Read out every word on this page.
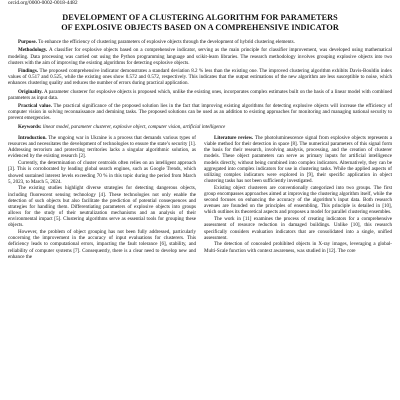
orcid.org/0000-0002-0018-4482
DEVELOPMENT OF A CLUSTERING ALGORITHM FOR PARAMETERS
OF EXPLOSIVE OBJECTS BASED ON A COMPREHENSIVE INDICATOR

Purpose. To enhance the efficiency of clustering parameters of explosive objects through the development of hybrid clustering elements.

Methodology. A classifier for explosive objects based on a comprehensive indicator, serving as the main principle for classifier improvement, was developed using mathematical modeling. Data processing was carried out using the Python programming language and scikit-learn libraries. The research methodology involves grouping explosive objects into two clusters with the aim of improving the existing algorithms for detecting explosive objects.

Findings. The proposed comprehensive indicator demonstrates a standard deviation 8.2 % less than the existing one. The improved clustering algorithm exhibits Davis-Bouldin index values of 0.517 and 0.525, while the existing ones show 0.572 and 0.572, respectively. This indicates that the output estimations of the new algorithm are less susceptible to noise, which enhances clustering quality and reduces the number of errors during practical application.

Originality. A parameter clusterer for explosive objects is proposed which, unlike the existing ones, incorporates complex estimates built on the basis of a linear model with combined parameters as input data.

Practical value. The practical significance of the proposed solution lies in the fact that improving existing algorithms for detecting explosive objects will increase the efficiency of computer vision in solving reconnaissance and demining tasks. The proposed solutions can be used as an addition to existing approaches for monitoring and managing national security to prevent emergencies.

Keywords: linear model, parameter clusterer, explosive object, computer vision, artificial intelligence

Introduction. The ongoing war in Ukraine is a process that demands various types of resources and necessitates the development of technologies to ensure the state’s security [1]. Addressing terrorism and protecting territories lacks a singular algorithmic solution, as evidenced by the existing research [2].

Currently, the determination of cluster centroids often relies on an intelligent approach [3]. This is corroborated by leading global search engines, such as Google Trends, which showed sustained interest levels exceeding 70 % in this topic during the period from March 5, 2023, to March 5, 2024.

The existing studies highlight diverse strategies for detecting dangerous objects, including fluorescent sensing technology [4]. These technologies not only enable the detection of such objects but also facilitate the prediction of potential consequences and strategies for handling them. Differentiating parameters of explosive objects into groups allows for the study of their neutralization mechanisms and an analysis of their environmental impact [5]. Clustering algorithms serve as essential tools for grouping these objects.

However, the problem of object grouping has not been fully addressed, particularly concerning the improvement in the accuracy of input evaluations for clusterers. This deficiency leads to computational errors, impacting the fault tolerance [6], stability, and reliability of computer systems [7]. Consequently, there is a clear need to develop new and enhance the

Literature review. The photoluminescence signal from explosive objects represents a viable method for their detection in space [8]. The numerical parameters of this signal form the basis for their research, involving analysis, processing, and the creation of clusterer models. These object parameters can serve as primary inputs for artificial intelligence models directly, without being combined into complex indicators. Alternatively, they can be aggregated into complex indicators for use in clustering tasks. While the applied aspects of utilizing complex indicators were explored in [9], their specific application in object clustering tasks has not been sufficiently investigated.

Existing object clusterers are conventionally categorized into two groups. The first group encompasses approaches aimed at improving the clustering algorithm itself, while the second focuses on enhancing the accuracy of the algorithm’s input data. Both research avenues are founded on the principles of ensembling. This principle is detailed in [10], which outlines its theoretical aspects and proposes a model for parallel clustering ensembles.

The work in [11] examines the process of creating indicators for a comprehensive assessment of resource reduction in damaged buildings. Unlike [10], this research specifically considers evaluation indicators that are consolidated into a single, unified assessment.

The detection of concealed prohibited objects in X-ray images, leveraging a global-Multi-Scale function with context awareness, was studied in [12]. The core
